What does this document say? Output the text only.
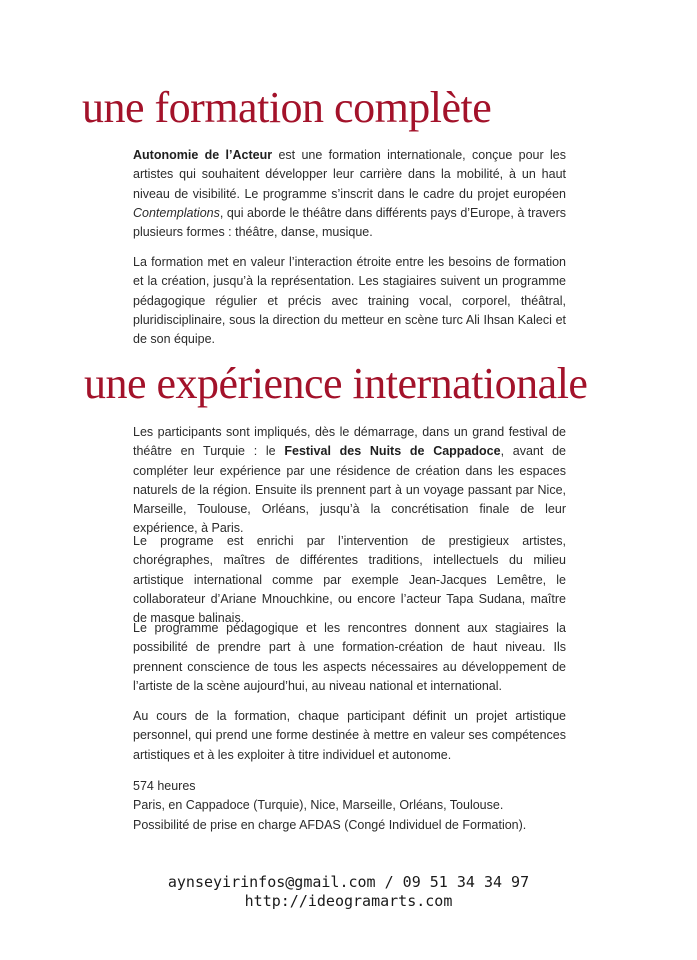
une formation complète

Autonomie de l’Acteur est une formation internationale, conçue pour les artistes qui souhaitent développer leur carrière dans la mobilité, à un haut niveau de visibilité. Le programme s’inscrit dans le cadre du projet européen Contemplations, qui aborde le théâtre dans différents pays d’Europe, à travers plusieurs formes : théâtre, danse, musique.

La formation met en valeur l’interaction étroite entre les besoins de formation et la création, jusqu’à la représentation. Les stagiaires suivent un programme pédagogique régulier et précis avec training vocal, corporel, théâtral, pluridisciplinaire, sous la direction du metteur en scène turc Ali Ihsan Kaleci et de son équipe.

une expérience internationale

Les participants sont impliqués, dès le démarrage, dans un grand festival de théâtre en Turquie : le Festival des Nuits de Cappadoce, avant de compléter leur expérience par une résidence de création dans les espaces naturels de la région. Ensuite ils prennent part à un voyage passant par Nice, Marseille, Toulouse, Orléans, jusqu’à la concrétisation finale de leur expérience, à Paris.

Le programe est enrichi par l’intervention de prestigieux artistes, chorégraphes, maîtres de différentes traditions, intellectuels du milieu artistique international comme par exemple Jean-Jacques Lemêtre, le collaborateur d’Ariane Mnouchkine, ou encore l’acteur Tapa Sudana, maître de masque balinais.

Le programme pédagogique et les rencontres donnent aux stagiaires la possibilité de prendre part à une formation-création de haut niveau. Ils prennent conscience de tous les aspects nécessaires au développement de l’artiste de la scène aujourd’hui, au niveau national et international.

Au cours de la formation, chaque participant définit un projet artistique personnel, qui prend une forme destinée à mettre en valeur ses compétences artistiques et à les exploiter à titre individuel et autonome.

574 heures

Paris, en Cappadoce (Turquie), Nice, Marseille, Orléans, Toulouse.

Possibilité de prise en charge AFDAS (Congé Individuel de Formation).

aynseyirinfos@gmail.com / 09 51 34 34 97
http://ideogramarts.com
